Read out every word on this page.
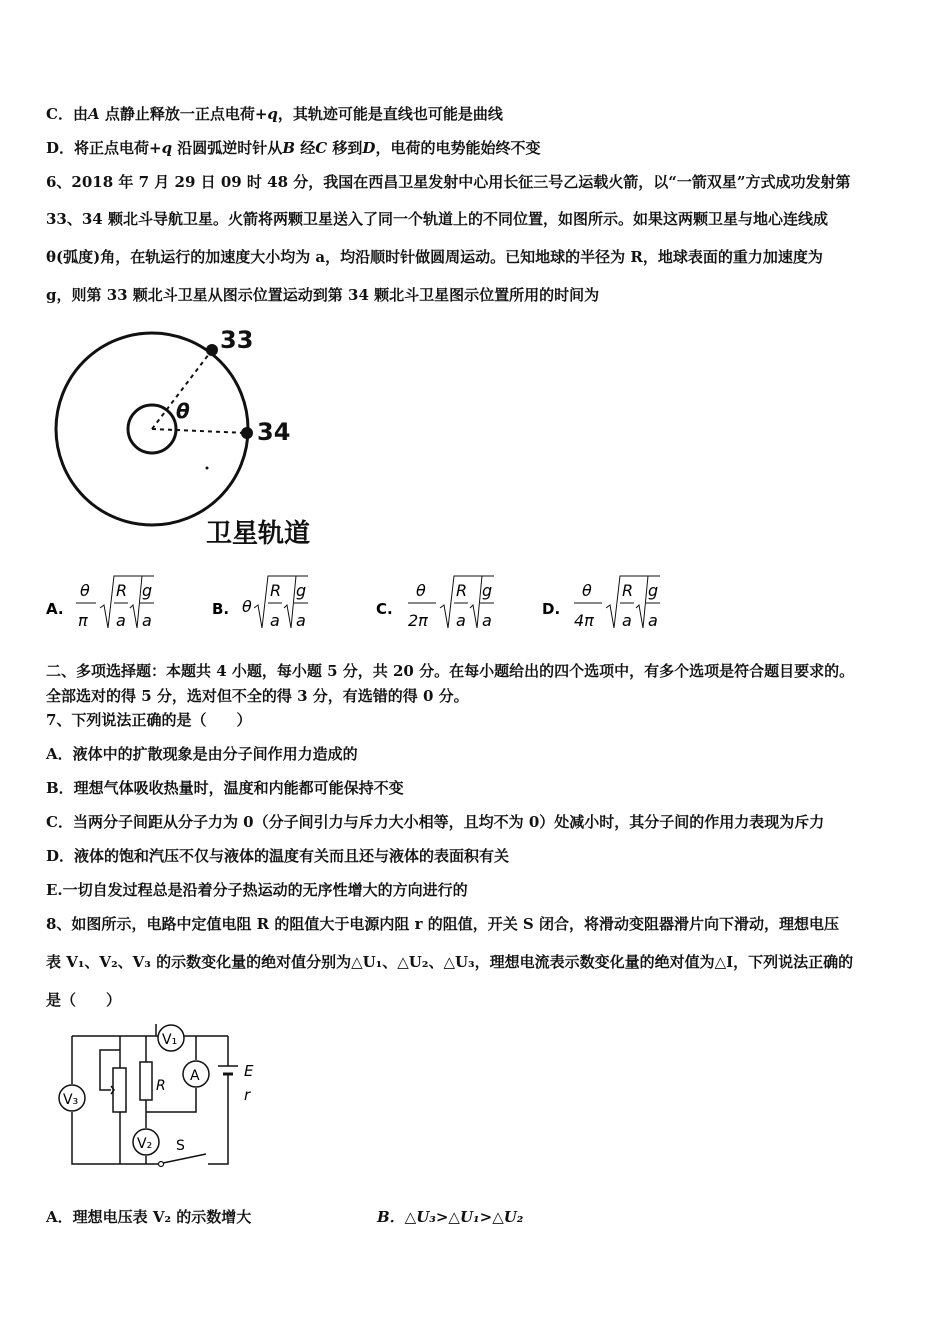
C．由A 点静止释放一正点电荷+q，其轨迹可能是直线也可能是曲线
D．将正点电荷+q 沿圆弧逆时针从B 经C 移到D，电荷的电势能始终不变
6、2018 年 7 月 29 日 09 时 48 分，我国在西昌卫星发射中心用长征三号乙运载火箭，以“一箭双星”方式成功发射第
33、34 颗北斗导航卫星。火箭将两颗卫星送入了同一个轨道上的不同位置，如图所示。如果这两颗卫星与地心连线成
θ(弧度)角，在轨运行的加速度大小均为 a，均沿顺时针做圆周运动。已知地球的半径为 R，地球表面的重力加速度为
g，则第 33 颗北斗卫星从图示位置运动到第 34 颗北斗卫星图示位置所用的时间为
33
34
θ
卫星轨道
A.
θ
π
R
a
g
a
B. θ
R
a
g
a
C.
θ
2π
R
a
g
a
D.
θ
4π
R
a
g
a
二、多项选择题：本题共 4 小题，每小题 5 分，共 20 分。在每小题给出的四个选项中，有多个选项是符合题目要求的。
全部选对的得 5 分，选对但不全的得 3 分，有选错的得 0 分。
7、下列说法正确的是（　　）
A．液体中的扩散现象是由分子间作用力造成的
B．理想气体吸收热量时，温度和内能都可能保持不变
C．当两分子间距从分子力为 0（分子间引力与斥力大小相等，且均不为 0）处减小时，其分子间的作用力表现为斥力
D．液体的饱和汽压不仅与液体的温度有关而且还与液体的表面积有关
E.一切自发过程总是沿着分子热运动的无序性增大的方向进行的
8、如图所示，电路中定值电阻 R 的阻值大于电源内阻 r 的阻值，开关 S 闭合，将滑动变阻器滑片向下滑动，理想电压
表 V₁、V₂、V₃ 的示数变化量的绝对值分别为△U₁、△U₂、△U₃，理想电流表示数变化量的绝对值为△I，下列说法正确的
是（　　）
V₃
R
V₂
V₁
A	E
r
S
A．理想电压表 V₂ 的示数增大	B．△U₃>△U₁>△U₂
